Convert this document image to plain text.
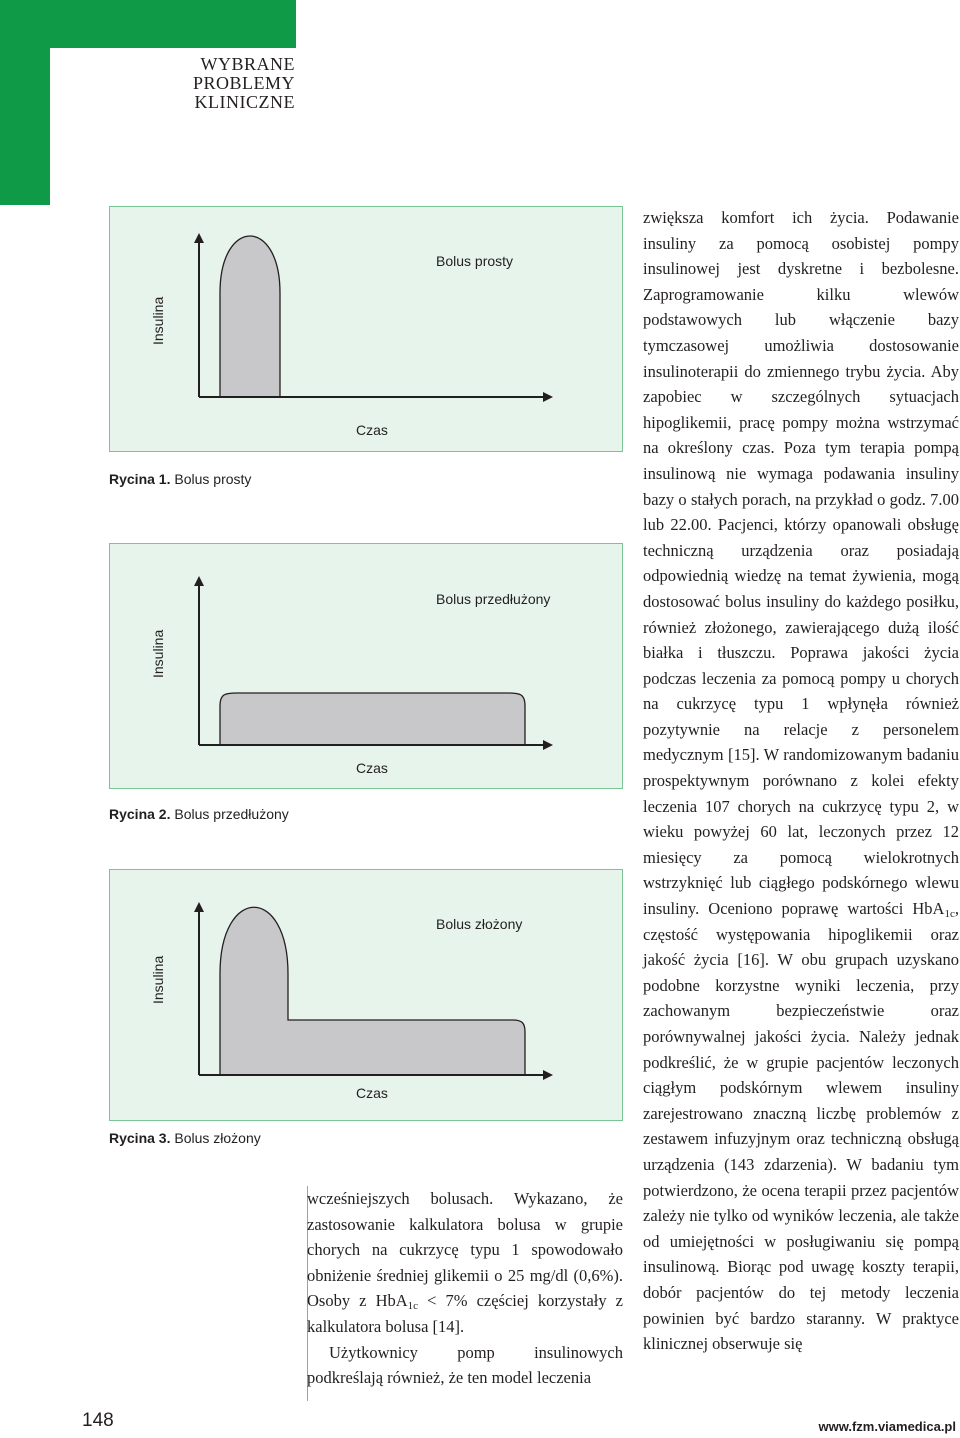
WYBRANE
PROBLEMY
KLINICZNE
Insulina
Czas
Bolus prosty
Rycina 1. Bolus prosty
Insulina
Czas
Bolus przedłużony
Rycina 2. Bolus przedłużony
Insulina
Czas
Bolus złożony
Rycina 3. Bolus złożony

wcześniejszych bolusach. Wykazano, że zastosowanie kalkulatora bolusa w grupie chorych na cukrzycę typu 1 spowodowało obniżenie średniej glikemii o 25 mg/dl (0,6%). Osoby z HbA$_{1c}$ < 7% częściej korzystały z kalkulatora bolusa [14].

Użytkownicy pomp insulinowych podkreślają również, że ten model leczenia

zwiększa komfort ich życia. Podawanie insuliny za pomocą osobistej pompy insulinowej jest dyskretne i bezbolesne. Zaprogramowanie kilku wlewów podstawowych lub włączenie bazy tymczasowej umożliwia dostosowanie insulinoterapii do zmiennego trybu życia. Aby zapobiec w szczególnych sytuacjach hipoglikemii, pracę pompy można wstrzymać na określony czas. Poza tym terapia pompą insulinową nie wymaga podawania insuliny bazy o stałych porach, na przykład o godz. 7.00 lub 22.00. Pacjenci, którzy opanowali obsługę techniczną urządzenia oraz posiadają odpowiednią wiedzę na temat żywienia, mogą dostosować bolus insuliny do każdego posiłku, również złożonego, zawierającego dużą ilość białka i tłuszczu. Poprawa jakości życia podczas leczenia za pomocą pompy u chorych na cukrzycę typu 1 wpłynęła również pozytywnie na relacje z personelem medycznym [15]. W randomizowanym badaniu prospektywnym porównano z kolei efekty leczenia 107 chorych na cukrzycę typu 2, w wieku powyżej 60 lat, leczonych przez 12 miesięcy za pomocą wielokrotnych wstrzyknięć lub ciągłego podskórnego wlewu insuliny. Oceniono poprawę wartości HbA$_{1c}$, częstość występowania hipoglikemii oraz jakość życia [16]. W obu grupach uzyskano podobne korzystne wyniki leczenia, przy zachowanym bezpieczeństwie oraz porównywalnej jakości życia. Należy jednak podkreślić, że w grupie pacjentów leczonych ciągłym podskórnym wlewem insuliny zarejestrowano znaczną liczbę problemów z zestawem infuzyjnym oraz techniczną obsługą urządzenia (143 zdarzenia). W badaniu tym potwierdzono, że ocena terapii przez pacjentów zależy nie tylko od wyników leczenia, ale także od umiejętności w posługiwaniu się pompą insulinową. Biorąc pod uwagę koszty terapii, dobór pacjentów do tej metody leczenia powinien być bardzo staranny. W praktyce klinicznej obserwuje się

148	www.fzm.viamedica.pl
